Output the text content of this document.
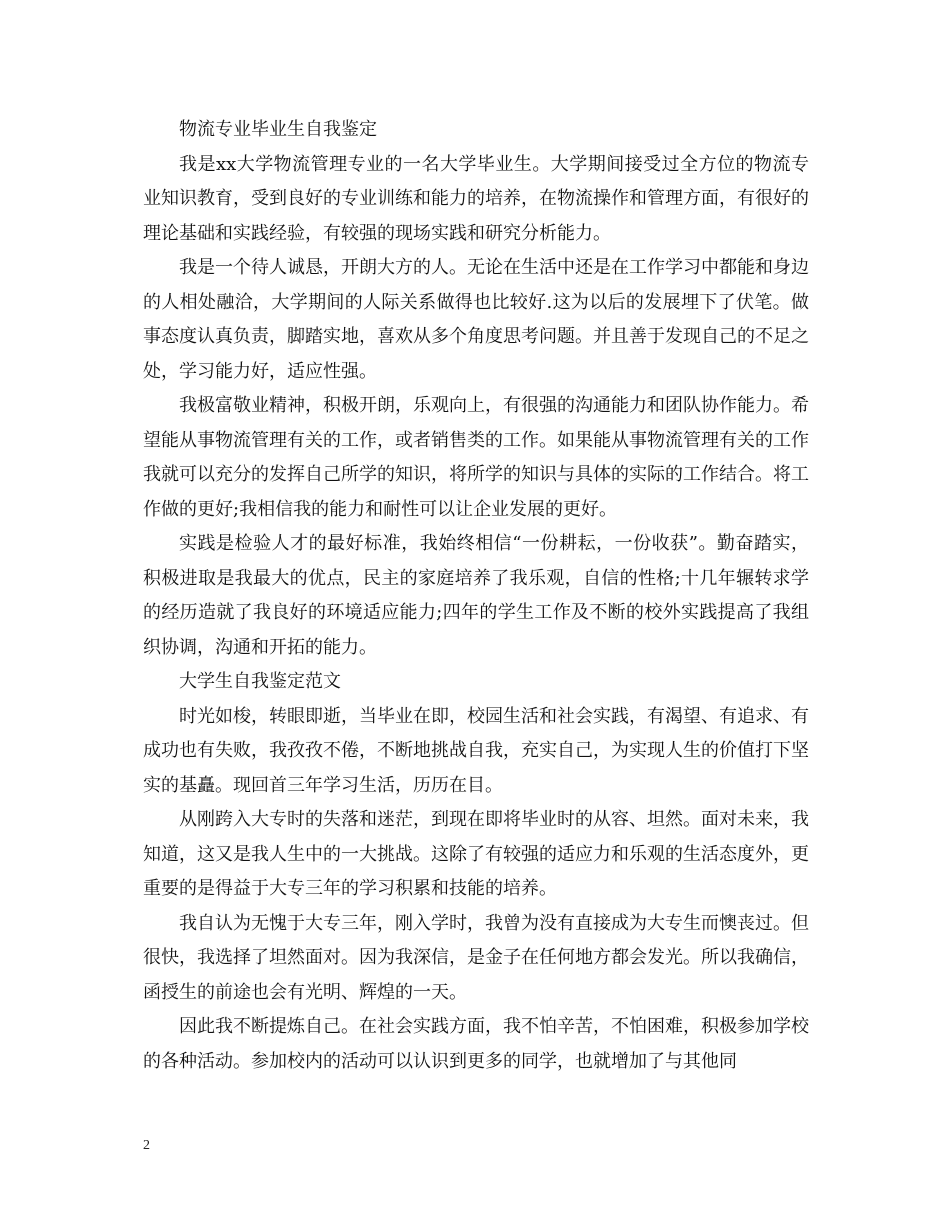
物流专业毕业生自我鉴定

我是xx大学物流管理专业的一名大学毕业生。大学期间接受过全方位的物流专业知识教育，受到良好的专业训练和能力的培养，在物流操作和管理方面，有很好的理论基础和实践经验，有较强的现场实践和研究分析能力。

我是一个待人诚恳，开朗大方的人。无论在生活中还是在工作学习中都能和身边的人相处融洽，大学期间的人际关系做得也比较好.这为以后的发展埋下了伏笔。做事态度认真负责，脚踏实地，喜欢从多个角度思考问题。并且善于发现自己的不足之处，学习能力好，适应性强。

我极富敬业精神，积极开朗，乐观向上，有很强的沟通能力和团队协作能力。希望能从事物流管理有关的工作，或者销售类的工作。如果能从事物流管理有关的工作我就可以充分的发挥自己所学的知识，将所学的知识与具体的实际的工作结合。将工作做的更好;我相信我的能力和耐性可以让企业发展的更好。

实践是检验人才的最好标准，我始终相信“一份耕耘，一份收获”。勤奋踏实，积极进取是我最大的优点，民主的家庭培养了我乐观，自信的性格;十几年辗转求学的经历造就了我良好的环境适应能力;四年的学生工作及不断的校外实践提高了我组织协调，沟通和开拓的能力。

大学生自我鉴定范文

时光如梭，转眼即逝，当毕业在即，校园生活和社会实践，有渴望、有追求、有成功也有失败，我孜孜不倦，不断地挑战自我，充实自己，为实现人生的价值打下坚实的基矗。现回首三年学习生活，历历在目。

从刚跨入大专时的失落和迷茫，到现在即将毕业时的从容、坦然。面对未来，我知道，这又是我人生中的一大挑战。这除了有较强的适应力和乐观的生活态度外，更重要的是得益于大专三年的学习积累和技能的培养。

我自认为无愧于大专三年，刚入学时，我曾为没有直接成为大专生而懊丧过。但很快，我选择了坦然面对。因为我深信，是金子在任何地方都会发光。所以我确信，函授生的前途也会有光明、辉煌的一天。

因此我不断提炼自己。在社会实践方面，我不怕辛苦，不怕困难，积极参加学校的各种活动。参加校内的活动可以认识到更多的同学，也就增加了与其他同

2
